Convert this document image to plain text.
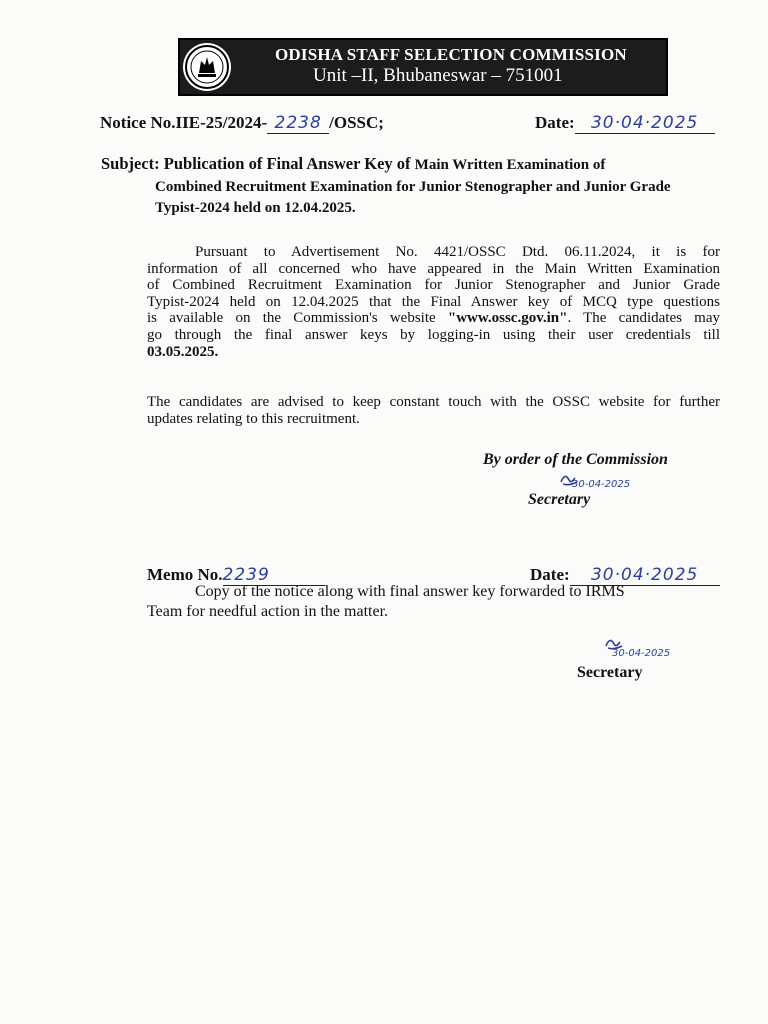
ODISHA STAFF SELECTION COMMISSION
Unit –II, Bhubaneswar – 751001
Notice No.IIE-25/2024- 2238 /OSSC;	Date: 30·04·2025
Subject: Publication of Final Answer Key of Main Written Examination of
Combined Recruitment Examination for Junior Stenographer and Junior Grade
Typist-2024 held on 12.04.2025.
Pursuant to Advertisement No. 4421/OSSC Dtd. 06.11.2024, it is for
information of all concerned who have appeared in the Main Written Examination
of Combined Recruitment Examination for Junior Stenographer and Junior Grade
Typist-2024 held on 12.04.2025 that the Final Answer key of MCQ type questions
is available on the Commission's website "www.ossc.gov.in". The candidates may
go through the final answer keys by logging-in using their user credentials till
03.05.2025.
The candidates are advised to keep constant touch with the OSSC website for further
updates relating to this recruitment.
By order of the Commission
30-04-2025
Secretary
Memo No.2239	Date: 30·04·2025
Copy of the notice along with final answer key forwarded to IRMS
Team for needful action in the matter.
30-04-2025
Secretary
